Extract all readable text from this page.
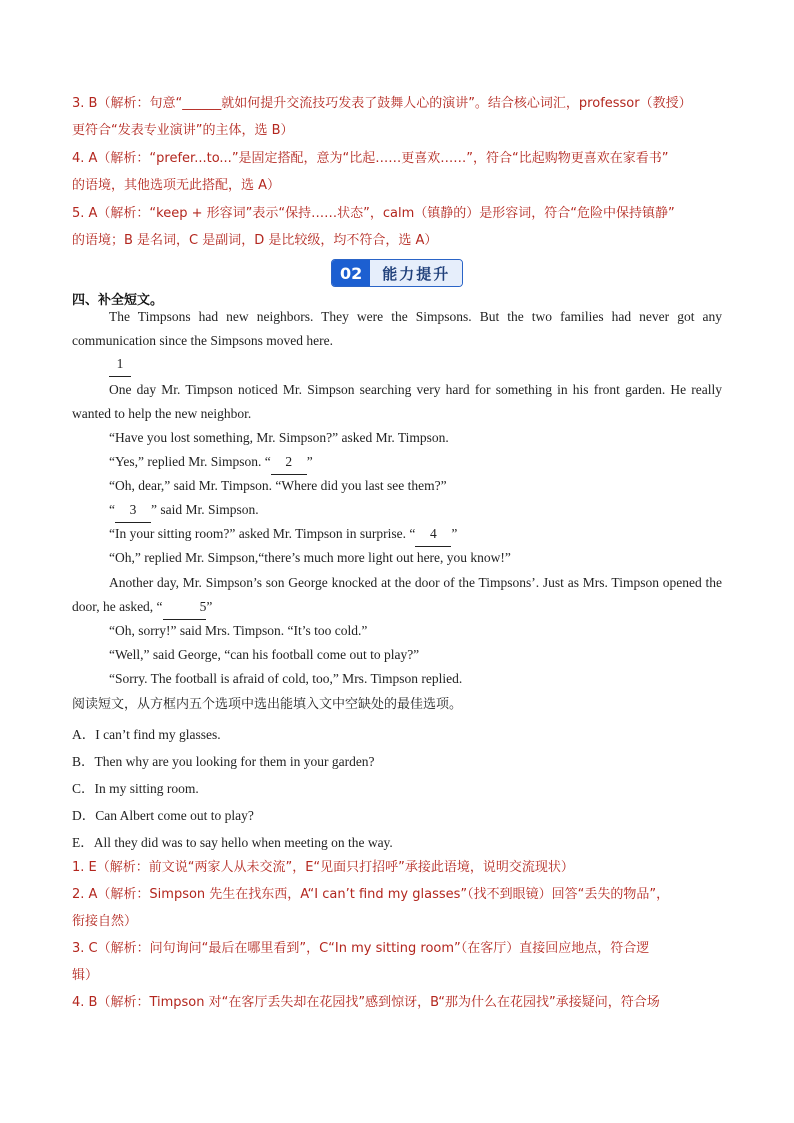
3. B（解析：句意“______就如何提升交流技巧发表了鼓舞人心的演讲”。结合核心词汇，professor（教授）
更符合“发表专业演讲”的主体，选 B）
4. A（解析：“prefer...to...”是固定搭配，意为“比起……更喜欢……”，符合“比起购物更喜欢在家看书”
的语境，其他选项无此搭配，选 A）
5. A（解析：“keep + 形容词”表示“保持……状态”，calm（镇静的）是形容词，符合“危险中保持镇静”
的语境；B 是名词，C 是副词，D 是比较级，均不符合，选 A）
02	能力提升
四、补全短文。
The Timpsons had new neighbors. They were the Simpsons. But the two families had never got any communication since the Simpsons moved here.
1
One day Mr. Timpson noticed Mr. Simpson searching very hard for something in his front garden. He really wanted to help the new neighbor.
“Have you lost something, Mr. Simpson?” asked Mr. Timpson.
“Yes,” replied Mr. Simpson. “ 2 ”
“Oh, dear,” said Mr. Timpson. “Where did you last see them?”
“ 3 ” said Mr. Simpson.
“In your sitting room?” asked Mr. Timpson in surprise. “ 4 ”
“Oh,” replied Mr. Simpson,“there’s much more light out here, you know!”
Another day, Mr. Simpson’s son George knocked at the door of the Timpsons’. Just as Mrs. Timpson opened the door, he asked, “	5”
“Oh, sorry!” said Mrs. Timpson. “It’s too cold.”
“Well,” said George, “can his football come out to play?”
“Sorry. The football is afraid of cold, too,” Mrs. Timpson replied.
阅读短文，从方框内五个选项中选出能填入文中空缺处的最佳选项。
A．I can’t find my glasses.
B．Then why are you looking for them in your garden?
C．In my sitting room.
D．Can Albert come out to play?
E．All they did was to say hello when meeting on the way.
1. E（解析：前文说“两家人从未交流”，E“见面只打招呼”承接此语境，说明交流现状）
2. A（解析：Simpson 先生在找东西，A“I can’t find my glasses”（找不到眼镜）回答“丢失的物品”，
衔接自然）
3. C（解析：问句询问“最后在哪里看到”，C“In my sitting room”（在客厅）直接回应地点，符合逻
辑）
4. B（解析：Timpson 对“在客厅丢失却在花园找”感到惊讶，B“那为什么在花园找”承接疑问，符合场
